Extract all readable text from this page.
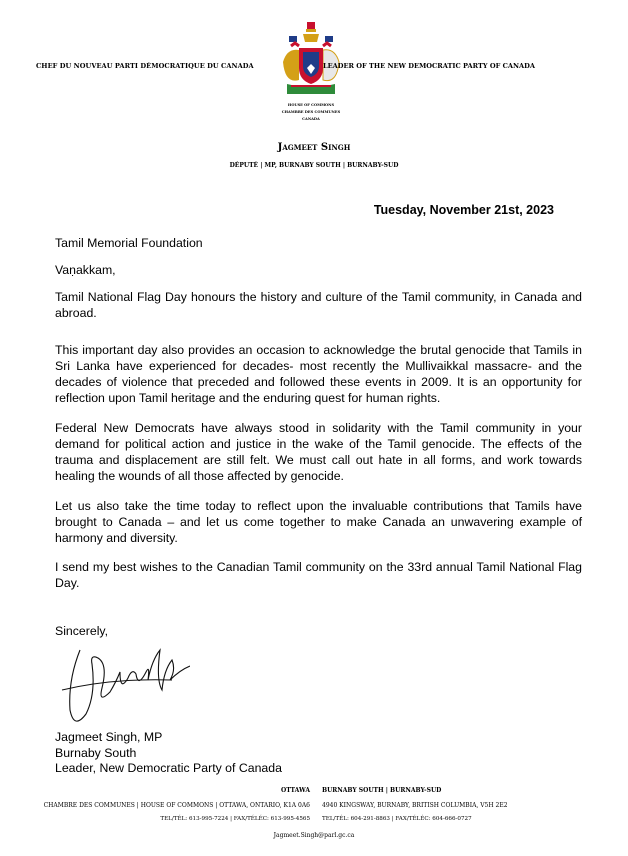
CHEF DU NOUVEAU PARTI DÉMOCRATIQUE DU CANADA
HOUSE OF COMMONS
CHAMBRE DES COMMUNES
CANADA
LEADER OF THE NEW DEMOCRATIC PARTY OF CANADA
Jagmeet Singh
DÉPUTÉ | MP, BURNABY SOUTH | BURNABY-SUD
Tuesday, November 21st, 2023
Tamil Memorial Foundation
Vaṇakkam,
Tamil National Flag Day honours the history and culture of the Tamil community, in Canada and abroad.
This important day also provides an occasion to acknowledge the brutal genocide that Tamils in Sri Lanka have experienced for decades- most recently the Mullivaikkal massacre- and the decades of violence that preceded and followed these events in 2009. It is an opportunity for reflection upon Tamil heritage and the enduring quest for human rights.
Federal New Democrats have always stood in solidarity with the Tamil community in your demand for political action and justice in the wake of the Tamil genocide. The effects of the trauma and displacement are still felt. We must call out hate in all forms, and work towards healing the wounds of all those affected by genocide.
Let us also take the time today to reflect upon the invaluable contributions that Tamils have brought to Canada – and let us come together to make Canada an unwavering example of harmony and diversity.
I send my best wishes to the Canadian Tamil community on the 33rd annual Tamil National Flag Day.
Sincerely,
Jagmeet Singh, MP
Burnaby South
Leader, New Democratic Party of Canada
OTTAWA
CHAMBRE DES COMMUNES | HOUSE OF COMMONS | OTTAWA, ONTARIO, K1A 0A6
TEL/TÉL: 613-995-7224 | FAX/TÉLÉC: 613-995-4565
BURNABY SOUTH | BURNABY-SUD
4940 KINGSWAY, BURNABY, BRITISH COLUMBIA, V5H 2E2
TEL/TÉL: 604-291-8863 | FAX/TÉLÉC: 604-666-0727
Jagmeet.Singh@parl.gc.ca
